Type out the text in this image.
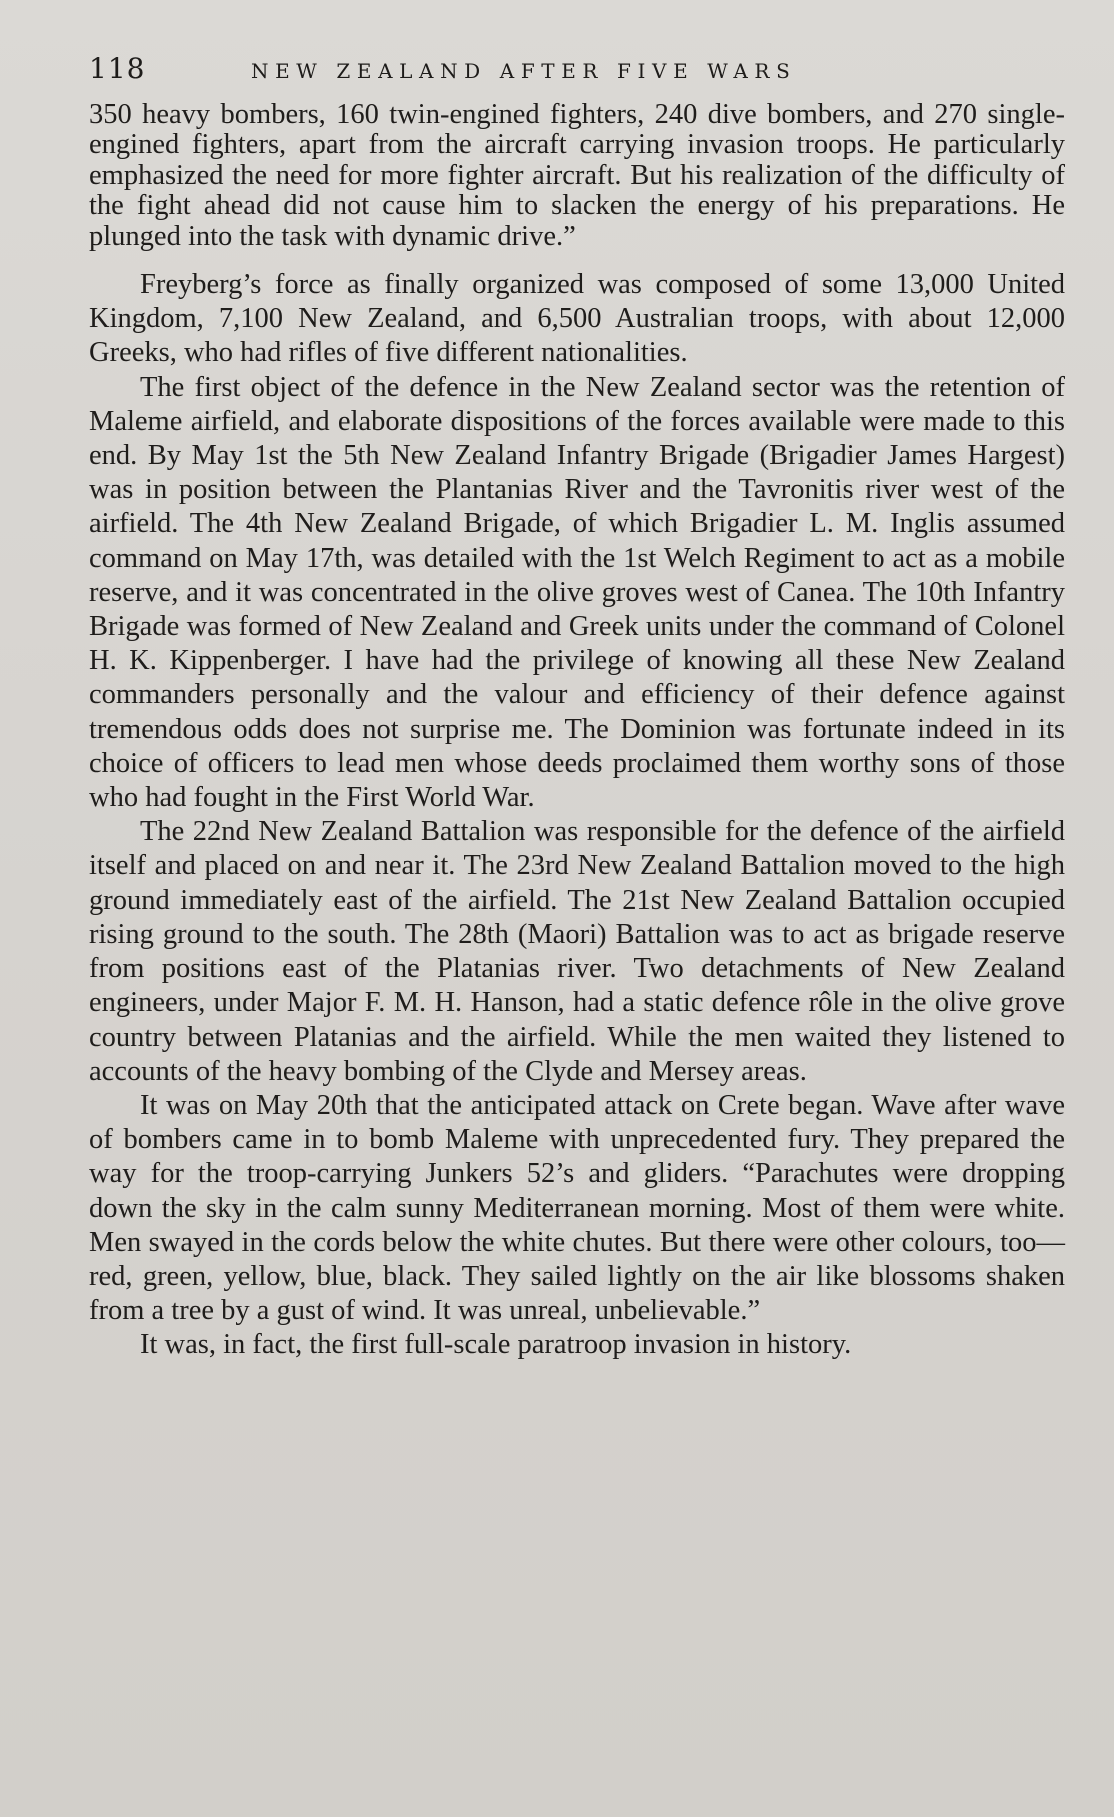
118	NEW ZEALAND AFTER FIVE WARS

350 heavy bombers, 160 twin-engined fighters, 240 dive bombers, and 270 single-engined fighters, apart from the aircraft carrying invasion troops. He particularly emphasized the need for more fighter aircraft. But his realization of the difficulty of the fight ahead did not cause him to slacken the energy of his preparations. He plunged into the task with dynamic drive.”

Freyberg’s force as finally organized was composed of some 13,000 United Kingdom, 7,100 New Zealand, and 6,500 Australian troops, with about 12,000 Greeks, who had rifles of five different nationalities.

The first object of the defence in the New Zealand sector was the retention of Maleme airfield, and elaborate dispositions of the forces available were made to this end. By May 1st the 5th New Zealand Infantry Brigade (Brigadier James Hargest) was in position between the Plantanias River and the Tavronitis river west of the airfield. The 4th New Zealand Brigade, of which Brigadier L. M. Inglis assumed command on May 17th, was detailed with the 1st Welch Regiment to act as a mobile reserve, and it was concentrated in the olive groves west of Canea. The 10th Infantry Brigade was formed of New Zealand and Greek units under the command of Colonel H. K. Kippenberger. I have had the privilege of knowing all these New Zealand commanders personally and the valour and efficiency of their defence against tremendous odds does not surprise me. The Dominion was fortunate indeed in its choice of officers to lead men whose deeds proclaimed them worthy sons of those who had fought in the First World War.

The 22nd New Zealand Battalion was responsible for the defence of the airfield itself and placed on and near it. The 23rd New Zealand Battalion moved to the high ground immediately east of the airfield. The 21st New Zealand Battalion occupied rising ground to the south. The 28th (Maori) Battalion was to act as brigade reserve from positions east of the Platanias river. Two detachments of New Zealand engineers, under Major F. M. H. Hanson, had a static defence rôle in the olive grove country between Platanias and the airfield. While the men waited they listened to accounts of the heavy bombing of the Clyde and Mersey areas.

It was on May 20th that the anticipated attack on Crete began. Wave after wave of bombers came in to bomb Maleme with unprecedented fury. They prepared the way for the troop-carrying Junkers 52’s and gliders. “Parachutes were dropping down the sky in the calm sunny Mediterranean morning. Most of them were white. Men swayed in the cords below the white chutes. But there were other colours, too—red, green, yellow, blue, black. They sailed lightly on the air like blossoms shaken from a tree by a gust of wind. It was unreal, unbelievable.”

It was, in fact, the first full-scale paratroop invasion in history.
